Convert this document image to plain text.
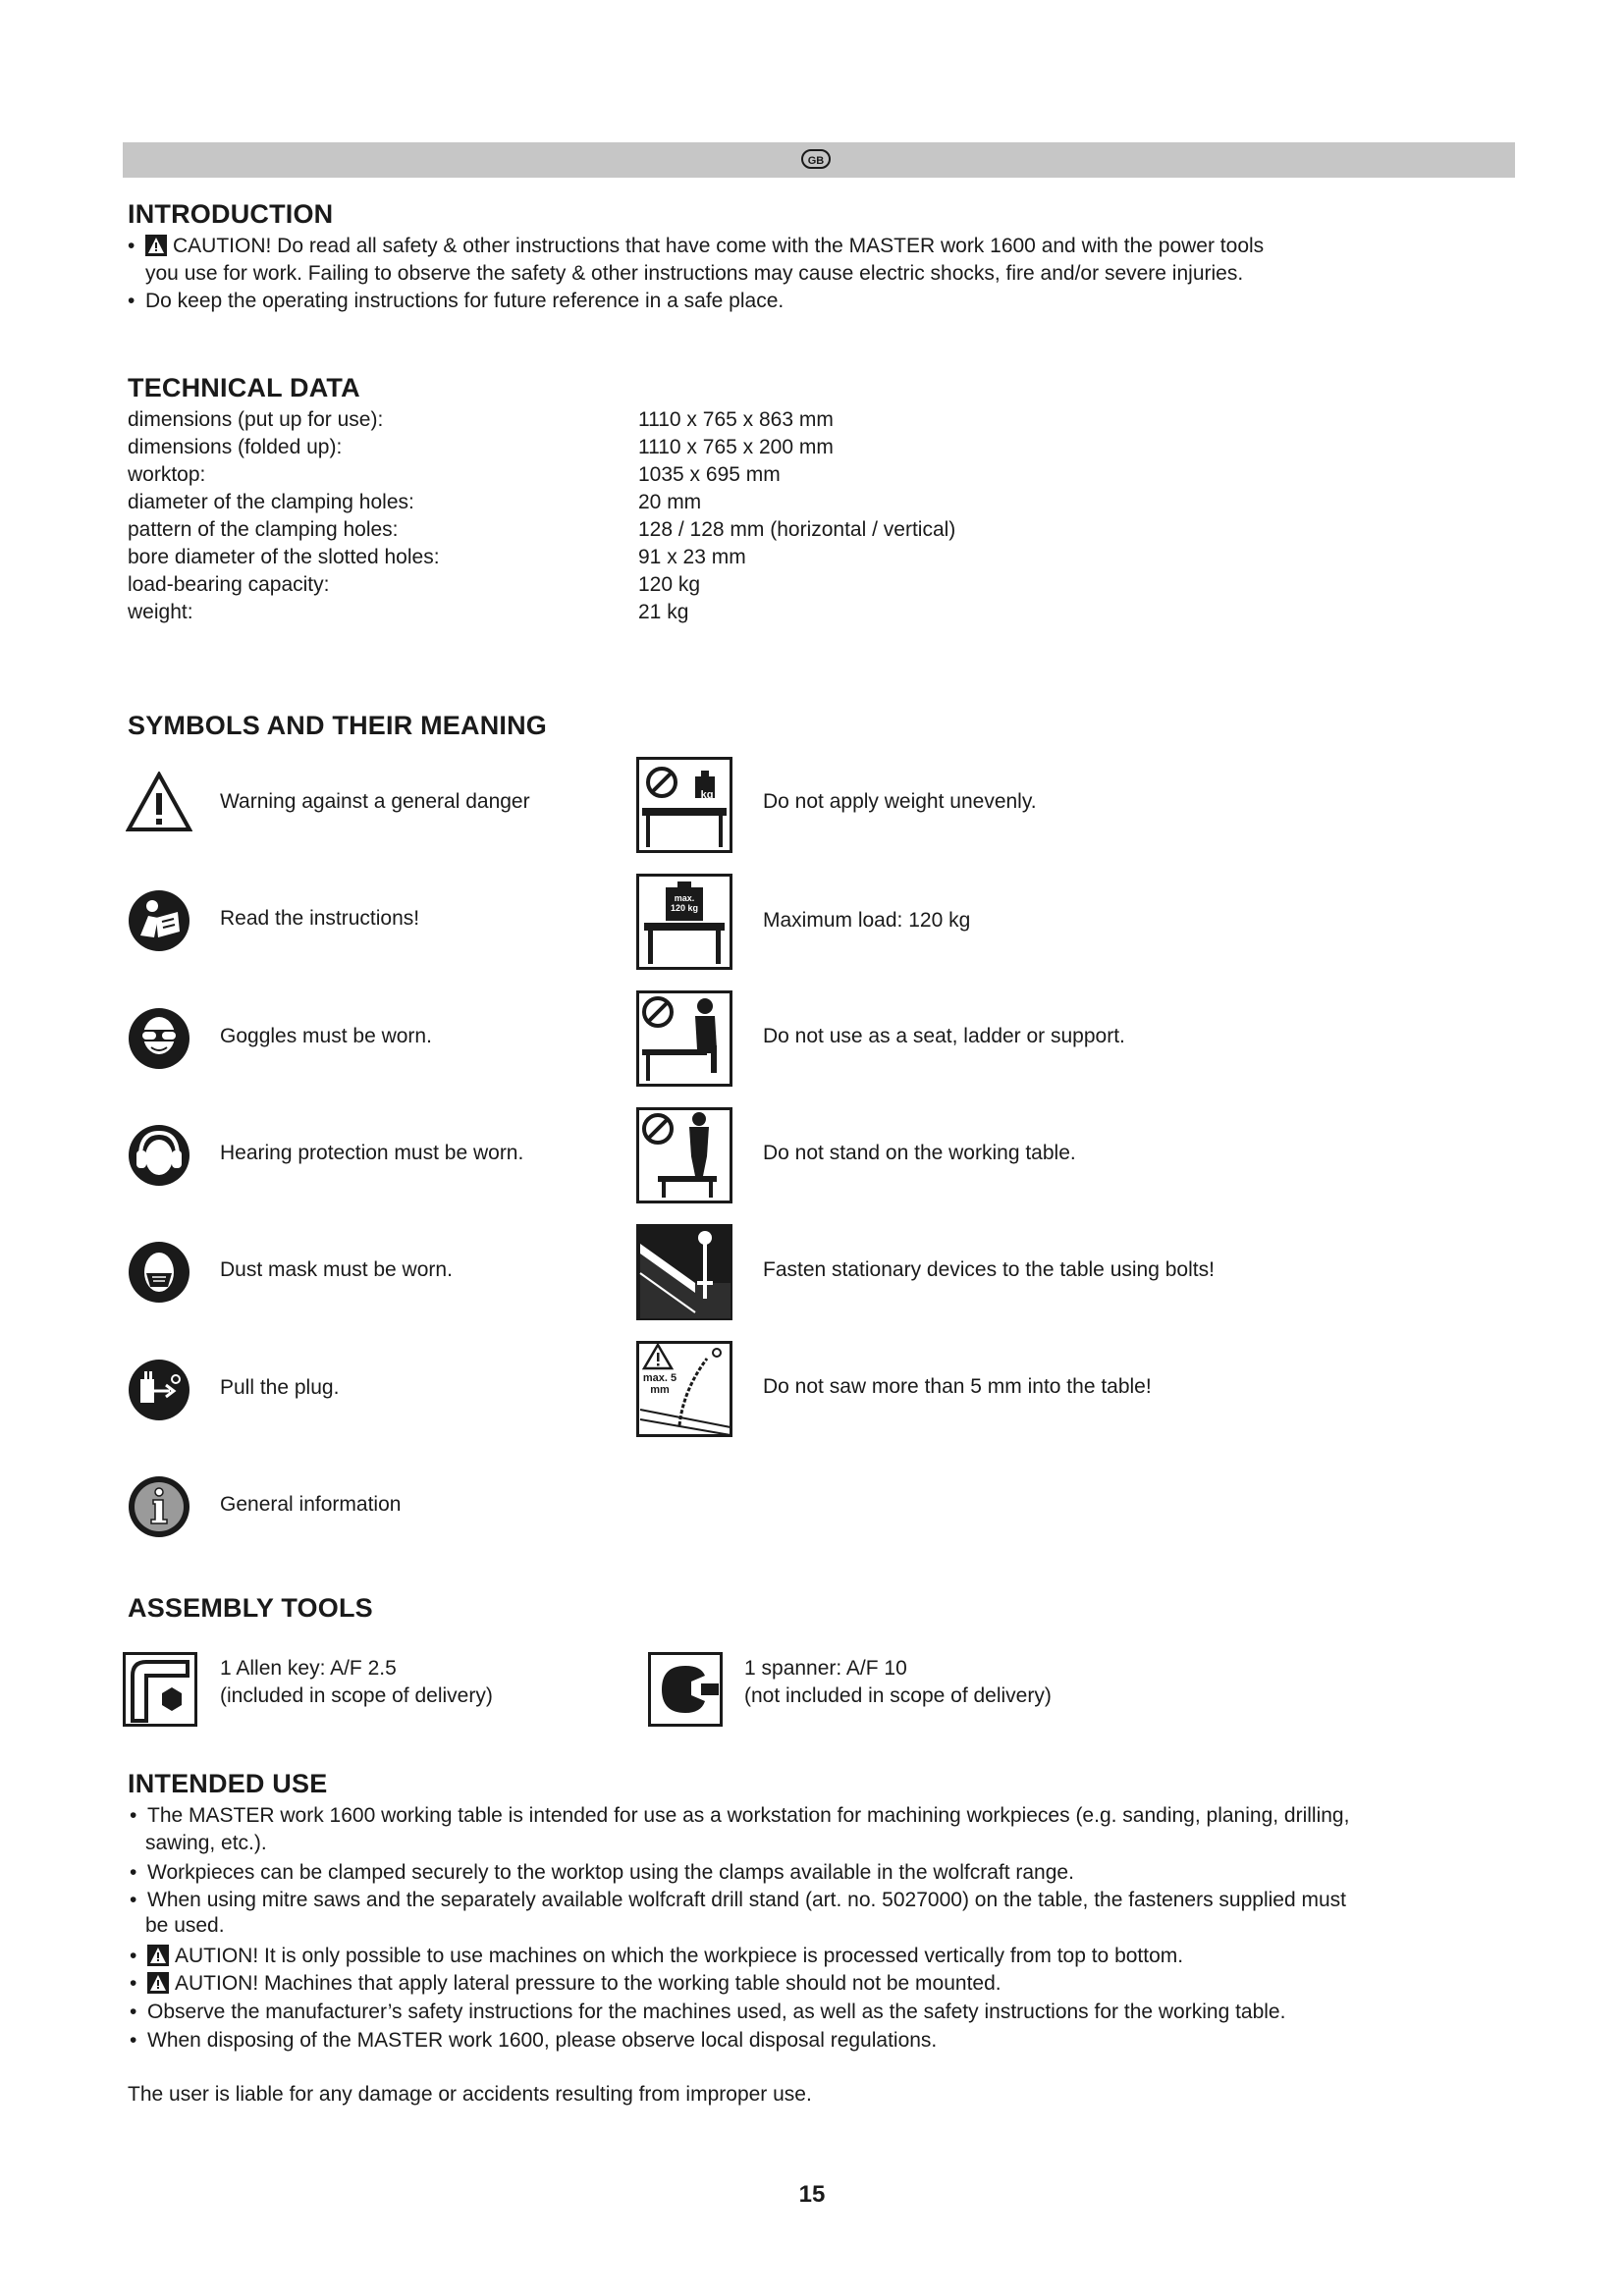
GB
INTRODUCTION
• CAUTION! Do read all safety & other instructions that have come with the MASTER work 1600 and with the power tools

you use for work. Failing to observe the safety & other instructions may cause electric shocks, fire and/or severe injuries.

• Do keep the operating instructions for future reference in a safe place.
TECHNICAL DATA
dimensions (put up for use):	1110 x 765 x 863 mm
dimensions (folded up):	1110 x 765 x 200 mm
worktop:	1035 x 695 mm
diameter of the clamping holes:	20 mm
pattern of the clamping holes:	128 / 128 mm (horizontal / vertical)
bore diameter of the slotted holes:	91 x 23 mm
load-bearing capacity:	120 kg
weight:	21 kg
SYMBOLS AND THEIR MEANING
Warning against a general danger
Read the instructions!
Goggles must be worn.
Hearing protection must be worn.
Dust mask must be worn.
Pull the plug.
General information
kg Do not apply weight unevenly.
max. 120 kg
Maximum load: 120 kg
Do not use as a seat, ladder or support.
Do not stand on the working table.
Fasten stationary devices to the table using bolts!
max. 5 mm	Do not saw more than 5 mm into the table!
ASSEMBLY TOOLS
1 Allen key: A/F 2.5
(included in scope of delivery)
1 spanner: A/F 10
(not included in scope of delivery)
INTENDED USE
• The MASTER work 1600 working table is intended for use as a workstation for machining workpieces (e.g. sanding, planing, drilling,

sawing, etc.).

• Workpieces can be clamped securely to the worktop using the clamps available in the wolfcraft range.
• When using mitre saws and the separately available wolfcraft drill stand (art. no. 5027000) on the table, the fasteners supplied must

be used.

• AUTION! It is only possible to use machines on which the workpiece is processed vertically from top to bottom.
• AUTION! Machines that apply lateral pressure to the working table should not be mounted.
• Observe the manufacturer’s safety instructions for the machines used, as well as the safety instructions for the working table.
• When disposing of the MASTER work 1600, please observe local disposal regulations.

The user is liable for any damage or accidents resulting from improper use.

15
